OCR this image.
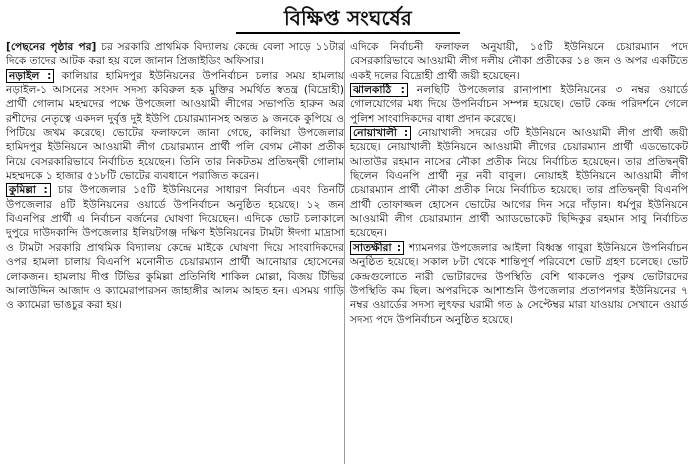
বিক্ষিপ্ত সংঘর্ষের

[পেছনের পৃষ্ঠার পর] চর সরকারি প্রাথমিক বিদ্যালয় কেন্দ্রে বেলা সাড়ে ১১টার দিকে তাদের আটক করা হয় বলে জানান প্রিজাইডিং অফিসার।

নড়াইল : কালিয়ার হামিদপুর ইউনিয়নের উপনির্বাচন চলার সময় হামলায় নড়াইল-১ আসনের সংসদ সদস্য কবিরুল হক মুক্তির সমর্থিত স্বতন্ত্র (বিদ্রোহী) প্রার্থী গোলাম মহম্মদের পক্ষে উপজেলা আওয়ামী লীগের সভাপতি হারুন অর রশীদের নেতৃত্বে একদল দুর্বৃত্ত দুই ইউপি চেয়ারম্যানসহ অন্তত ৯ জনকে কুপিয়ে ও পিটিয়ে জখম করেছে। ভোটের ফলাফলে জানা গেছে, কালিয়া উপজেলার হামিদপুর ইউনিয়নে আওয়ামী লীগ চেয়ারম্যান প্রার্থী পলি বেগম নৌকা প্রতীক নিয়ে বেসরকারিভাবে নির্বাচিত হয়েছেন। তিনি তার নিকটতম প্রতিদ্বন্দ্বী গোলাম মহম্মদকে ১ হাজার ৫১৮টি ভোটের ব্যবধানে পরাজিত করেন।

কুমিল্লা : চার উপজেলার ১৫টি ইউনিয়নের সাধারণ নির্বাচন এবং তিনটি উপজেলার ৪টি ইউনিয়নের ওয়ার্ডে উপনির্বাচন অনুষ্ঠিত হয়েছে। ১২ জন বিএনপির প্রার্থী এ নির্বাচন বর্জনের ঘোষণা দিয়েছেন। এদিকে ভোট চলাকালে দুপুরে দাউদকান্দি উপজেলার ইলিয়টগঞ্জ দক্ষিণ ইউনিয়নের টামটা ঈদগা মাদ্রাসা ও টামটা সরকারি প্রাথমিক বিদ্যালয় কেন্দ্রে মাইকে ঘোষণা দিয়ে সাংবাদিকদের ওপর হামলা চালায় বিএনপি মনোনীত চেয়ারম্যান প্রার্থী আনোয়ার হোসেনের লোকজন। হামলায় দীপ্ত টিভির কুমিল্লা প্রতিনিধি শাকিল মোল্লা, বিজয় টিভির আলাউদ্দিন আজাদ ও ক্যামেরাপারসন জাহাঙ্গীর আলম আহত হন। এসময় গাড়ি ও ক্যামেরা ভাঙচুর করা হয়।

এদিকে নির্বাচনী ফলাফল অনুযায়ী, ১৫টি ইউনিয়নে চেয়ারম্যান পদে বেসরকারিভাবে আওয়ামী লীগ দলীয় নৌকা প্রতীকের ১৪ জন ও অপর একটিতে একই দলের বিদ্রোহী প্রার্থী জয়ী হয়েছেন।

ঝালকাঠি : নলছিটি উপজেলার রানাপাশা ইউনিয়নের ৩ নম্বর ওয়ার্ডে গোলযোগের মধ্য দিয়ে উপনির্বাচন সম্পন্ন হয়েছে। ভোট কেন্দ্র পরিদর্শনে গেলে পুলিশ সাংবাদিকদের বাধা প্রদান করেছে।

নোয়াখালী : নোয়াখালী সদরের ৩টি ইউনিয়নে আওয়ামী লীগ প্রার্থী জয়ী হয়েছে। নোয়াখালী ইউনিয়নে আওয়ামী লীগের চেয়ারম্যান প্রার্থী এডভোকেট আতাউর রহমান নাসের নৌকা প্রতীক নিয়ে নির্বাচিত হয়েছেন। তার প্রতিদ্বন্দ্বী ছিলেন বিএনপি প্রার্থী নূর নবী বাবুল। নোয়াহই ইউনিয়নে আওয়ামী লীগ চেয়ারম্যান প্রার্থী নৌকা প্রতীক নিয়ে নির্বাচিত হয়েছে। তার প্রতিদ্বন্দ্বী বিএনপি প্রার্থী তোফাজ্জল হোসেন ভোটের আগের দিন সরে দাঁড়ান। ধর্মপুর ইউনিয়নে আওয়ামী লীগ চেয়ারম্যান প্রার্থী অ্যাডভোকেট ছিদ্দিকুর রহমান সাবু নির্বাচিত হয়েছেন।

সাতক্ষীরা : শ্যামনগর উপজেলার আইলা বিধ্বস্ত গাবুরা ইউনিয়নে উপনির্বাচন অনুষ্ঠিত হয়েছে। সকাল ৮টা থেকে শান্তিপূর্ণ পরিবেশে ভোট গ্রহণ চলেছে। ভোট কেন্দ্রগুলোতে নারী ভোটারদের উপস্থিতি বেশি থাকলেও পুরুষ ভোটারদের উপস্থিতি কম ছিল। অপরদিকে আশাশুনি উপজেলার প্রতাপনগর ইউনিয়নের ৭ নম্বর ওয়ার্ডের সদস্য লুৎফর ঘরামী গত ৯ সেপ্টেম্বর মারা যাওয়ায় সেখানে ওয়ার্ড সদস্য পদে উপনির্বাচন অনুষ্ঠিত হয়েছে।
